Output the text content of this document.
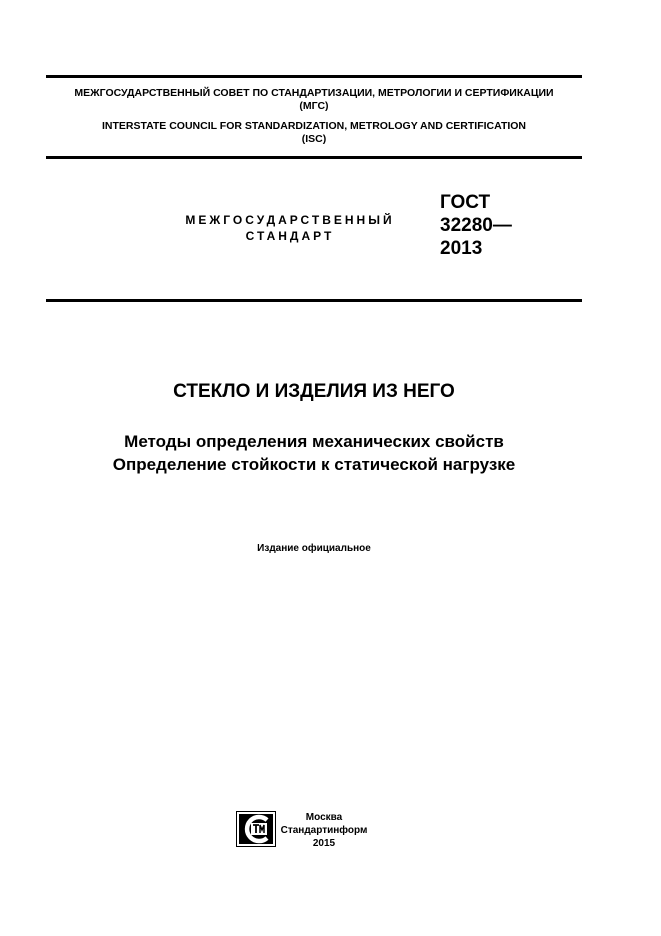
МЕЖГОСУДАРСТВЕННЫЙ СОВЕТ ПО СТАНДАРТИЗАЦИИ, МЕТРОЛОГИИ И СЕРТИФИКАЦИИ
(МГС)
INTERSTATE COUNCIL FOR STANDARDIZATION, METROLOGY AND CERTIFICATION
(ISC)
МЕЖГОСУДАРСТВЕННЫЙ
СТАНДАРТ
ГОСТ
32280—
2013
СТЕКЛО И ИЗДЕЛИЯ ИЗ НЕГО
Методы определения механических свойств
Определение стойкости к статической нагрузке
Издание официальное
Москва
Стандартинформ
2015
